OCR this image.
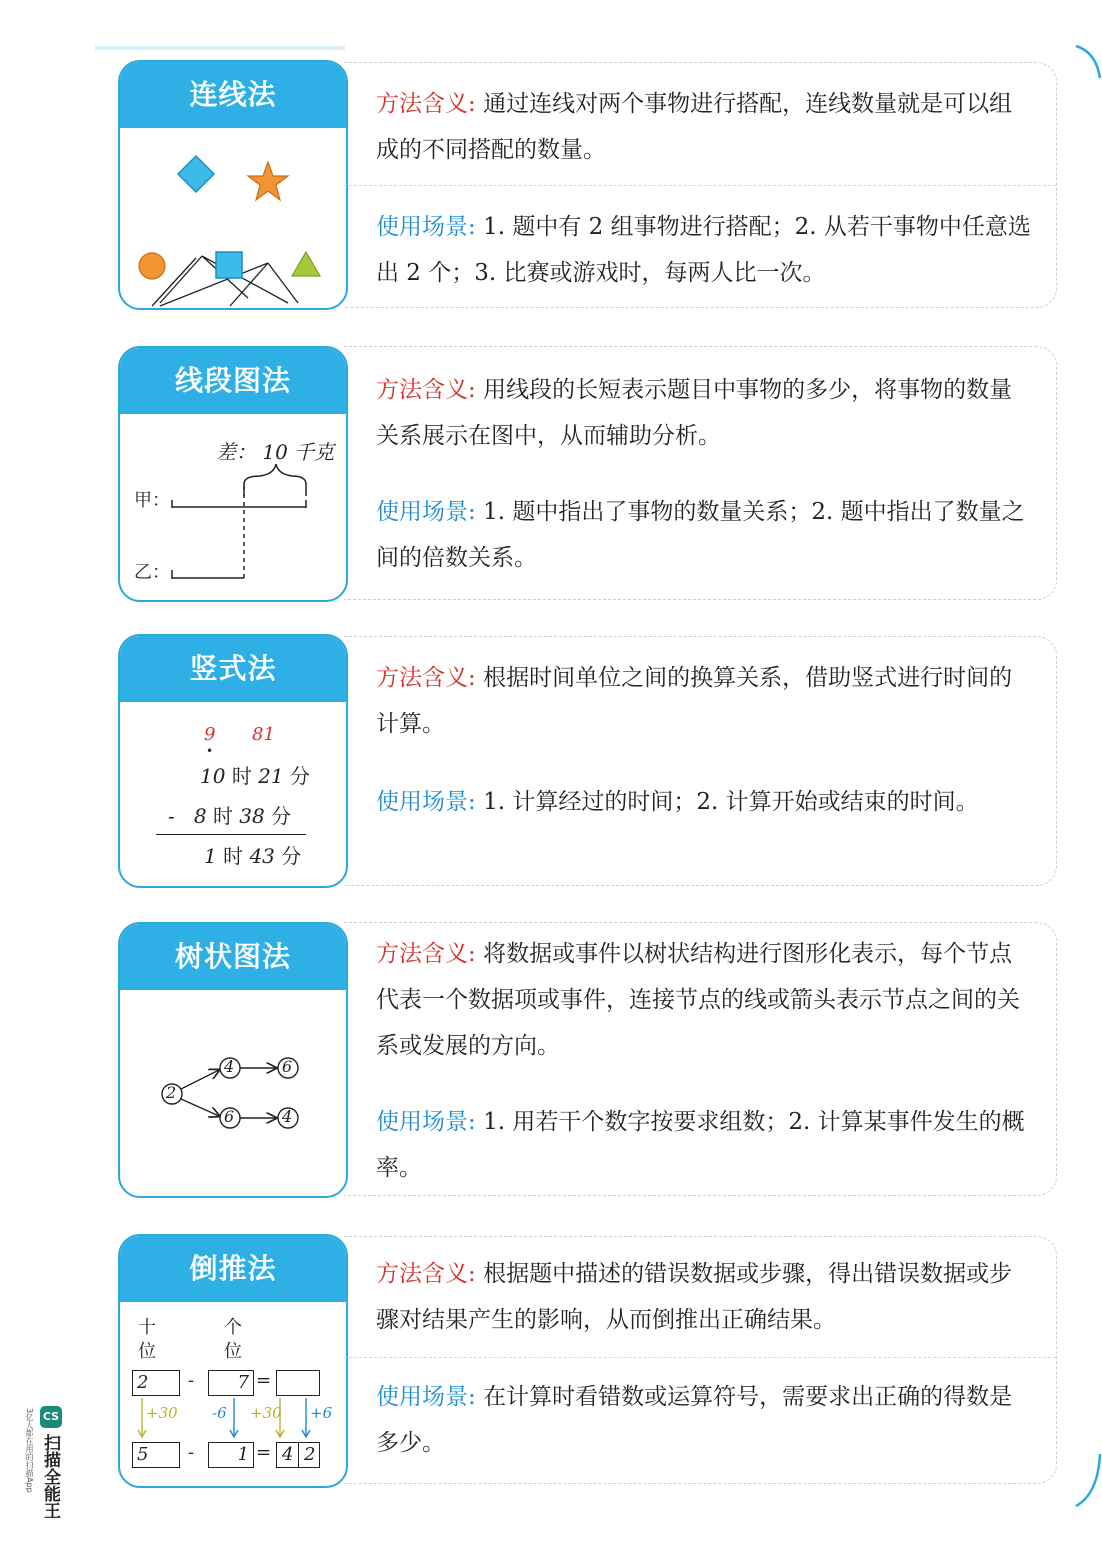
连线法	方法含义: 通过连线对两个事物进行搭配，连线数量就是可以组成的不同搭配的数量。
使用场景: 1. 题中有 2 组事物进行搭配；2. 从若干事物中任意选出 2 个；3. 比赛或游戏时，每两人比一次。
线段图法
差： 10 千克
甲：
乙：
方法含义: 用线段的长短表示题目中事物的多少，将事物的数量关系展示在图中，从而辅助分析。
使用场景: 1. 题中指出了事物的数量关系；2. 题中指出了数量之间的倍数关系。
竖式法
9 81
•
10 时 21 分
- 8 时 38 分
1 时 43 分
方法含义: 根据时间单位之间的换算关系，借助竖式进行时间的计算。
使用场景: 1. 计算经过的时间；2. 计算开始或结束的时间。
树状图法
2
4	6
6	4
方法含义: 将数据或事件以树状结构进行图形化表示，每个节点代表一个数据项或事件，连接节点的线或箭头表示节点之间的关系或发展的方向。
使用场景: 1. 用若干个数字按要求组数；2. 计算某事件发生的概率。
倒推法
十
位
个
位
2	-	7 =
+30 -6 +30 +6
5	-	1 = 4 2
方法含义: 根据题中描述的错误数据或步骤，得出错误数据或步骤对结果产生的影响，从而倒推出正确结果。
使用场景: 在计算时看错数或运算符号，需要求出正确的得数是多少。
CS
扫描全能王
3亿人都在用的扫描App
